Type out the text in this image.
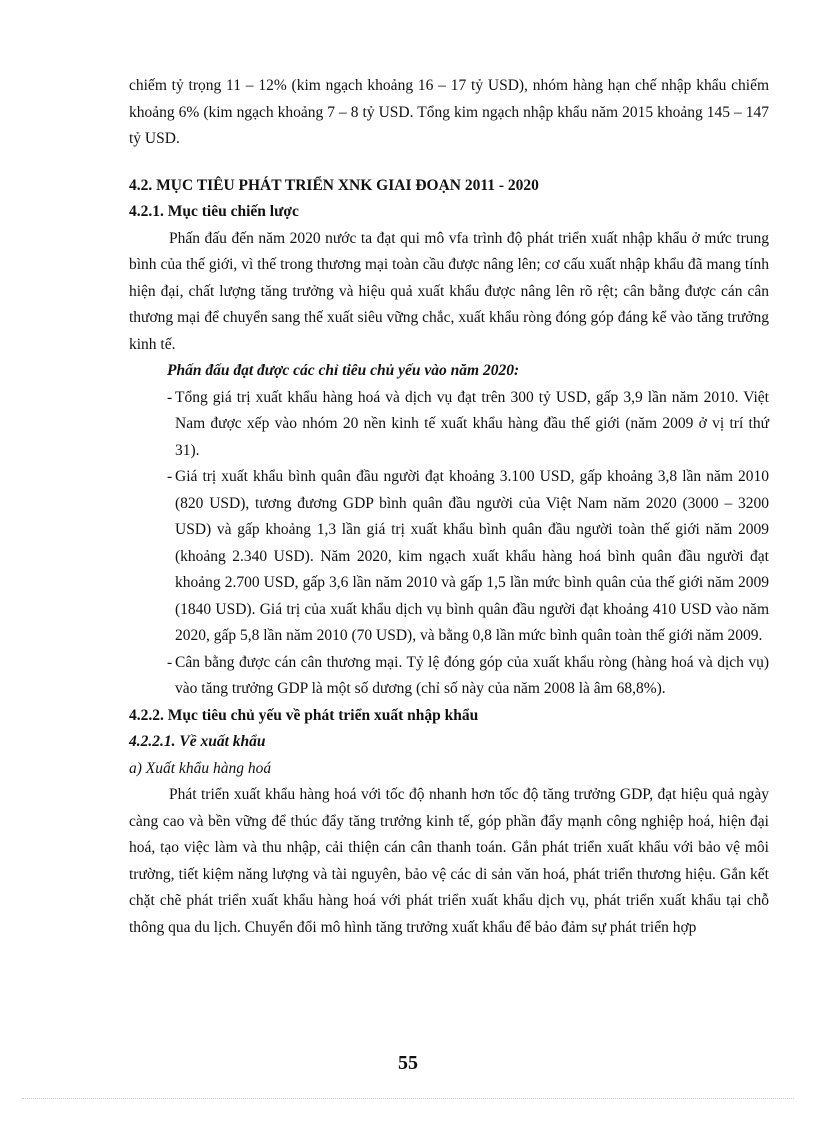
chiếm tỷ trọng 11 – 12% (kim ngạch khoảng 16 – 17 tỷ USD), nhóm hàng hạn chế nhập khẩu chiếm khoảng 6% (kim ngạch khoảng 7 – 8 tỷ USD. Tổng kim ngạch nhập khẩu năm 2015 khoảng 145 – 147 tỷ USD.

4.2. MỤC TIÊU PHÁT TRIỂN XNK GIAI ĐOẠN 2011 - 2020
4.2.1. Mục tiêu chiến lược

Phấn đấu đến năm 2020 nước ta đạt qui mô vfa trình độ phát triển xuất nhập khẩu ở mức trung bình của thế giới, vì thế trong thương mại toàn cầu được nâng lên; cơ cấu xuất nhập khẩu đã mang tính hiện đại, chất lượng tăng trưởng và hiệu quả xuất khẩu được nâng lên rõ rệt; cân bằng được cán cân thương mại để chuyển sang thế xuất siêu vững chắc, xuất khẩu ròng đóng góp đáng kể vào tăng trưởng kinh tế.

Phấn đấu đạt được các chỉ tiêu chủ yếu vào năm 2020:
- Tổng giá trị xuất khẩu hàng hoá và dịch vụ đạt trên 300 tỷ USD, gấp 3,9 lần năm 2010. Việt Nam được xếp vào nhóm 20 nền kinh tế xuất khẩu hàng đầu thế giới (năm 2009 ở vị trí thứ 31).
- Giá trị xuất khẩu bình quân đầu người đạt khoảng 3.100 USD, gấp khoảng 3,8 lần năm 2010 (820 USD), tương đương GDP bình quân đầu người của Việt Nam năm 2020 (3000 – 3200 USD) và gấp khoảng 1,3 lần giá trị xuất khẩu bình quân đầu người toàn thế giới năm 2009 (khoảng 2.340 USD). Năm 2020, kim ngạch xuất khẩu hàng hoá bình quân đầu người đạt khoảng 2.700 USD, gấp 3,6 lần năm 2010 và gấp 1,5 lần mức bình quân của thế giới năm 2009 (1840 USD). Giá trị của xuất khẩu dịch vụ bình quân đầu người đạt khoảng 410 USD vào năm 2020, gấp 5,8 lần năm 2010 (70 USD), và bằng 0,8 lần mức bình quân toàn thế giới năm 2009.
- Cân bằng được cán cân thương mại. Tỷ lệ đóng góp của xuất khẩu ròng (hàng hoá và dịch vụ) vào tăng trưởng GDP là một số dương (chỉ số này của năm 2008 là âm 68,8%).
4.2.2. Mục tiêu chủ yếu về phát triển xuất nhập khẩu
4.2.2.1. Về xuất khẩu
a) Xuất khẩu hàng hoá

Phát triển xuất khẩu hàng hoá với tốc độ nhanh hơn tốc độ tăng trưởng GDP, đạt hiệu quả ngày càng cao và bền vững để thúc đẩy tăng trưởng kinh tế, góp phần đẩy mạnh công nghiệp hoá, hiện đại hoá, tạo việc làm và thu nhập, cải thiện cán cân thanh toán. Gắn phát triển xuất khẩu với bảo vệ môi trường, tiết kiệm năng lượng và tài nguyên, bảo vệ các di sản văn hoá, phát triển thương hiệu. Gắn kết chặt chẽ phát triển xuất khẩu hàng hoá với phát triển xuất khẩu dịch vụ, phát triển xuất khẩu tại chỗ thông qua du lịch. Chuyển đổi mô hình tăng trưởng xuất khẩu để bảo đảm sự phát triển hợp

55
